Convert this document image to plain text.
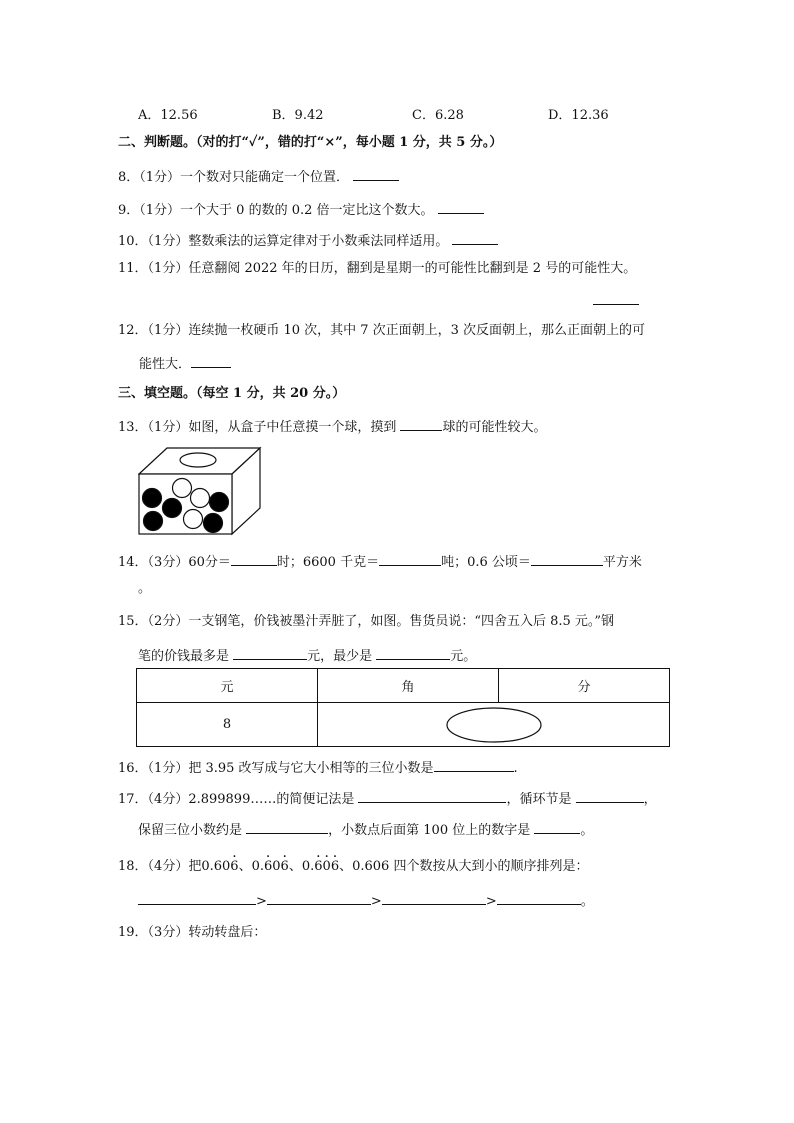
A．12.56	B．9.42	C．6.28	D．12.36
二、判断题。（对的打“✓”，错的打“×”，每小题 1 分，共 5 分。）
8．（1分）一个数对只能确定一个位置．
9．（1分）一个大于 0 的数的 0.2 倍一定比这个数大。
10．（1分）整数乘法的运算定律对于小数乘法同样适用。
11．（1分）任意翻阅 2022 年的日历，翻到是星期一的可能性比翻到是 2 号的可能性大。
12．（1分）连续抛一枚硬币 10 次，其中 7 次正面朝上，3 次反面朝上，那么正面朝上的可
能性大．
三、填空题。（每空 1 分，共 20 分。）
13．（1分）如图，从盒子中任意摸一个球，摸到	球的可能性较大。
14．（3分）60分＝	时；6600 千克＝	吨；0.6 公顷＝	平方米
。
15．（2分）一支钢笔，价钱被墨汁弄脏了，如图。售货员说：“四舍五入后 8.5 元。”钢
笔的价钱最多是	元，最少是	元。
元	角	分
8	
16．（1分）把 3.95 改写成与它大小相等的三位小数是	.
17．（4分）2.899899……的简便记法是	，循环节是	，
保留三位小数约是	，小数点后面第 100 位上的数字是	。
18．（4分）把0.60· 6、0.· 60· 6、0.· 6· 0· 6、0.606 四个数按从大到小的顺序排列是：
>	>	>	。
19．（3分）转动转盘后：
